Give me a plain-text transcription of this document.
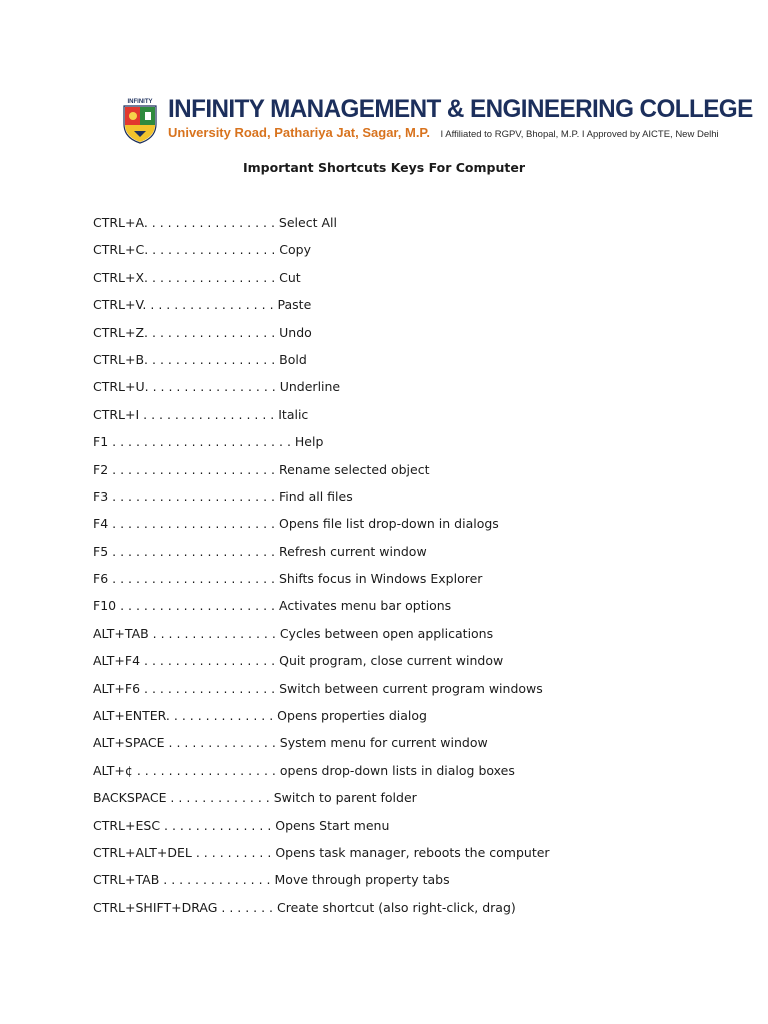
INFINITY INFINITY MANAGEMENT & ENGINEERING COLLEGE
University Road, Pathariya Jat, Sagar, M.P. I Affiliated to RGPV, Bhopal, M.P. I Approved by AICTE, New Delhi
Important Shortcuts Keys For Computer
CTRL+A. . . . . . . . . . . . . . . . . Select All
CTRL+C. . . . . . . . . . . . . . . . . Copy
CTRL+X. . . . . . . . . . . . . . . . . Cut
CTRL+V. . . . . . . . . . . . . . . . . Paste
CTRL+Z. . . . . . . . . . . . . . . . . Undo
CTRL+B. . . . . . . . . . . . . . . . . Bold
CTRL+U. . . . . . . . . . . . . . . . . Underline
CTRL+I . . . . . . . . . . . . . . . . . Italic
F1 . . . . . . . . . . . . . . . . . . . . . . . Help
F2 . . . . . . . . . . . . . . . . . . . . . Rename selected object
F3 . . . . . . . . . . . . . . . . . . . . . Find all files
F4 . . . . . . . . . . . . . . . . . . . . . Opens file list drop-down in dialogs
F5 . . . . . . . . . . . . . . . . . . . . . Refresh current window
F6 . . . . . . . . . . . . . . . . . . . . . Shifts focus in Windows Explorer
F10 . . . . . . . . . . . . . . . . . . . . Activates menu bar options
ALT+TAB . . . . . . . . . . . . . . . . Cycles between open applications
ALT+F4 . . . . . . . . . . . . . . . . . Quit program, close current window
ALT+F6 . . . . . . . . . . . . . . . . . Switch between current program windows
ALT+ENTER. . . . . . . . . . . . . . Opens properties dialog
ALT+SPACE . . . . . . . . . . . . . . System menu for current window
ALT+¢ . . . . . . . . . . . . . . . . . . opens drop-down lists in dialog boxes
BACKSPACE . . . . . . . . . . . . . Switch to parent folder
CTRL+ESC . . . . . . . . . . . . . . Opens Start menu
CTRL+ALT+DEL . . . . . . . . . . Opens task manager, reboots the computer
CTRL+TAB . . . . . . . . . . . . . . Move through property tabs
CTRL+SHIFT+DRAG . . . . . . . Create shortcut (also right-click, drag)
